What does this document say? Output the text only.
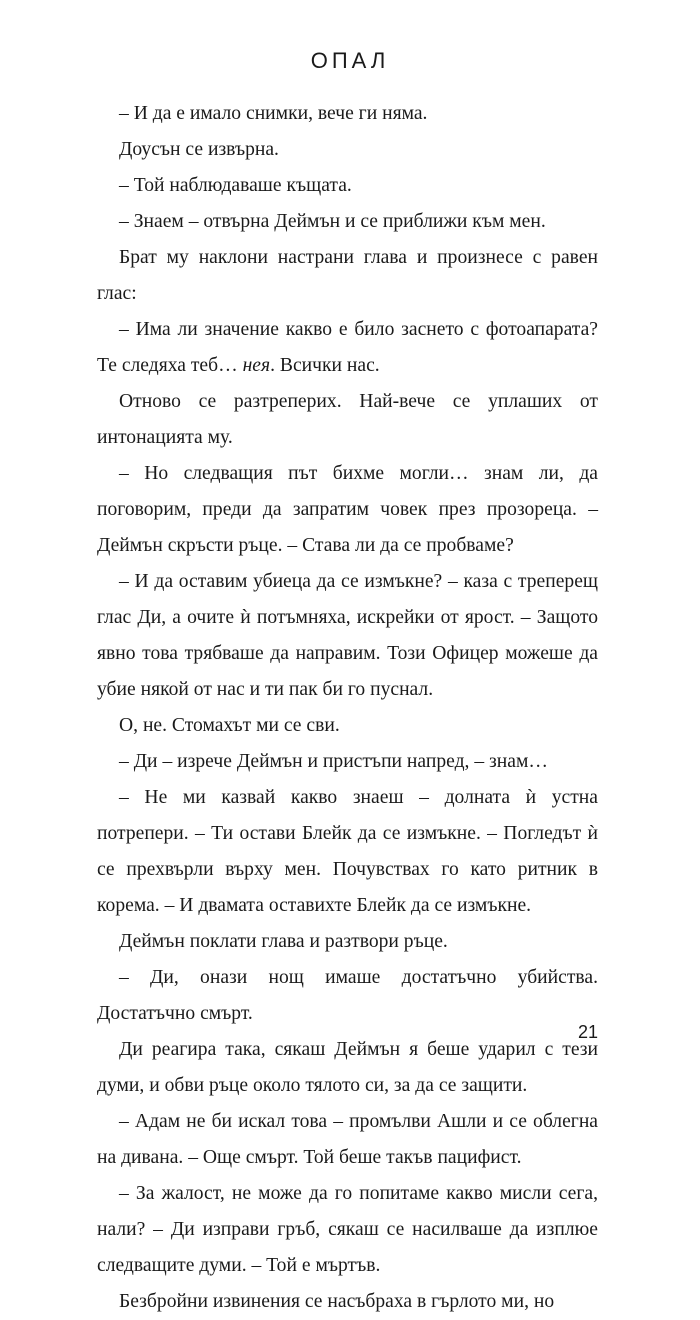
ОПАЛ

– И да е имало снимки, вече ги няма.

Доусън се извърна.

– Той наблюдаваше къщата.

– Знаем – отвърна Деймън и се приближи към мен.

Брат му наклони настрани глава и произнесе с равен глас:

– Има ли значение какво е било заснето с фотоапарата? Те следяха теб… нея. Всички нас.

Отново се разтреперих. Най-вече се уплаших от интонацията му.

– Но следващия път бихме могли… знам ли, да поговорим, преди да запратим човек през прозореца. – Деймън скръсти ръце. – Става ли да се пробваме?

– И да оставим убиеца да се измъкне? – каза с треперещ глас Ди, а очите ѝ потъмняха, искрейки от ярост. – Защото явно това трябваше да направим. Този Офицер можеше да убие някой от нас и ти пак би го пуснал.

О, не. Стомахът ми се сви.

– Ди – изрече Деймън и пристъпи напред, – знам…

– Не ми казвай какво знаеш – долната ѝ устна потрепери. – Ти остави Блейк да се измъкне. – Погледът ѝ се прехвърли върху мен. Почувствах го като ритник в корема. – И двамата оставихте Блейк да се измъкне.

Деймън поклати глава и разтвори ръце.

– Ди, онази нощ имаше достатъчно убийства. Достатъчно смърт.

Ди реагира така, сякаш Деймън я беше ударил с тези думи, и обви ръце около тялото си, за да се защити.

– Адам не би искал това – промълви Ашли и се облегна на дивана. – Още смърт. Той беше такъв пацифист.

– За жалост, не може да го попитаме какво мисли сега, нали? – Ди изправи гръб, сякаш се насилваше да изплюе следващите думи. – Той е мъртъв.

Безбройни извинения се насъбраха в гърлото ми, но

21
